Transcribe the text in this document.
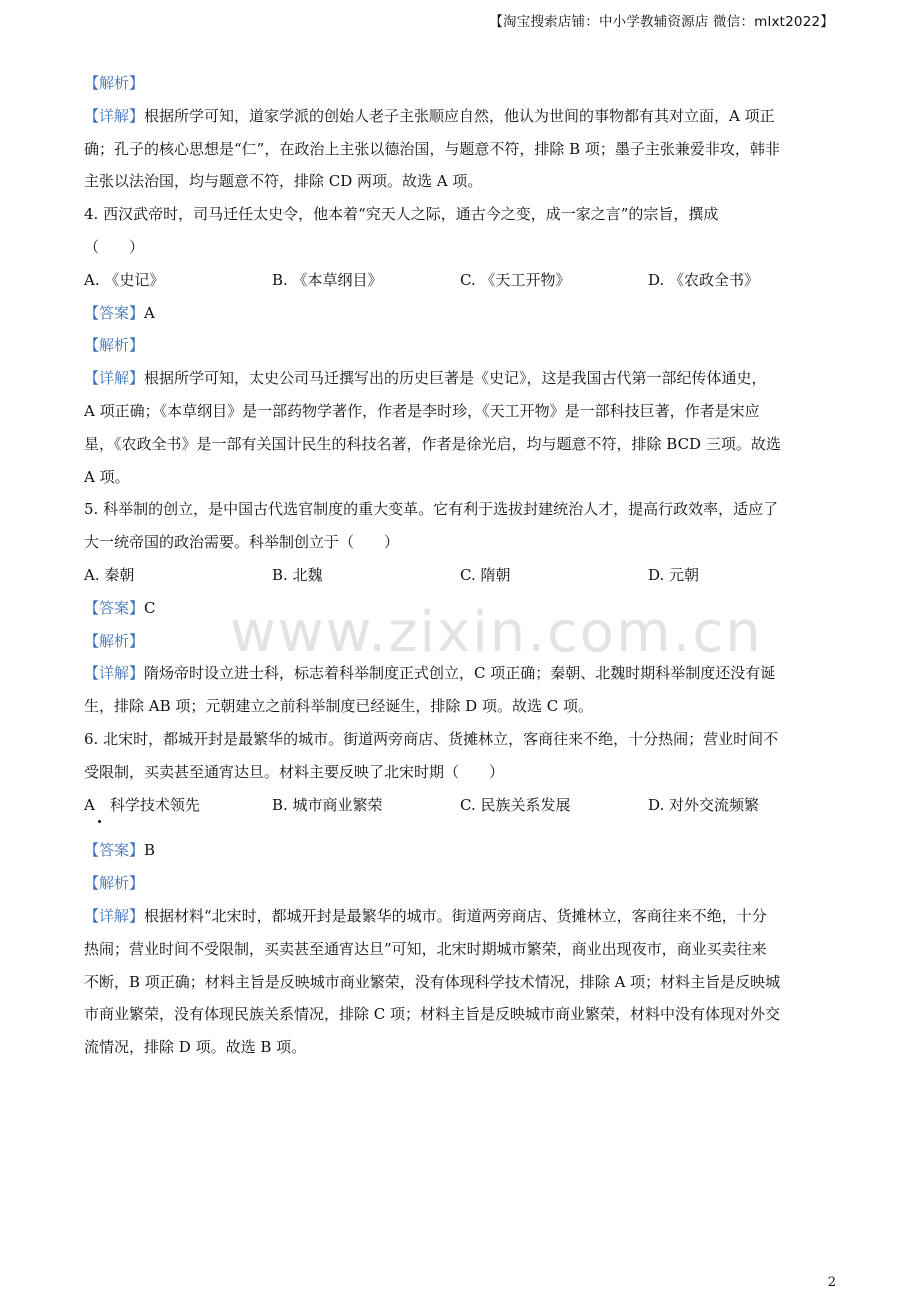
【淘宝搜索店铺：中小学教辅资源店 微信：mlxt2022】
www.zixin.com.cn
【解析】
【详解】根据所学可知，道家学派的创始人老子主张顺应自然，他认为世间的事物都有其对立面，A 项正
确；孔子的核心思想是“仁”，在政治上主张以德治国，与题意不符，排除 B 项；墨子主张兼爱非攻，韩非
主张以法治国，均与题意不符，排除 CD 两项。故选 A 项。
4. 西汉武帝时，司马迁任太史令，他本着“究天人之际，通古今之变，成一家之言”的宗旨，撰成
（　　）
A. 《史记》	B. 《本草纲目》	C. 《天工开物》	D. 《农政全书》
【答案】A
【解析】
【详解】根据所学可知，太史公司马迁撰写出的历史巨著是《史记》，这是我国古代第一部纪传体通史，
A 项正确；《本草纲目》是一部药物学著作，作者是李时珍，《天工开物》是一部科技巨著，作者是宋应
星，《农政全书》是一部有关国计民生的科技名著，作者是徐光启，均与题意不符，排除 BCD 三项。故选
A 项。
5. 科举制的创立，是中国古代选官制度的重大变革。它有利于选拔封建统治人才，提高行政效率，适应了
大一统帝国的政治需要。科举制创立于（　　）
A. 秦朝	B. 北魏	C. 隋朝	D. 元朝
【答案】C
【解析】
【详解】隋炀帝时设立进士科，标志着科举制度正式创立，C 项正确；秦朝、北魏时期科举制度还没有诞
生，排除 AB 项；元朝建立之前科举制度已经诞生，排除 D 项。故选 C 项。
6. 北宋时，都城开封是最繁华的城市。街道两旁商店、货摊林立，客商往来不绝，十分热闹；营业时间不
受限制，买卖甚至通宵达旦。材料主要反映了北宋时期（　　）
A　科学技术领先	B. 城市商业繁荣	C. 民族关系发展	D. 对外交流频繁
【答案】B
【解析】
【详解】根据材料“北宋时，都城开封是最繁华的城市。街道两旁商店、货摊林立，客商往来不绝，十分
热闹；营业时间不受限制，买卖甚至通宵达旦”可知，北宋时期城市繁荣，商业出现夜市，商业买卖往来
不断，B 项正确；材料主旨是反映城市商业繁荣，没有体现科学技术情况，排除 A 项；材料主旨是反映城
市商业繁荣，没有体现民族关系情况，排除 C 项；材料主旨是反映城市商业繁荣，材料中没有体现对外交
流情况，排除 D 项。故选 B 项。
2
